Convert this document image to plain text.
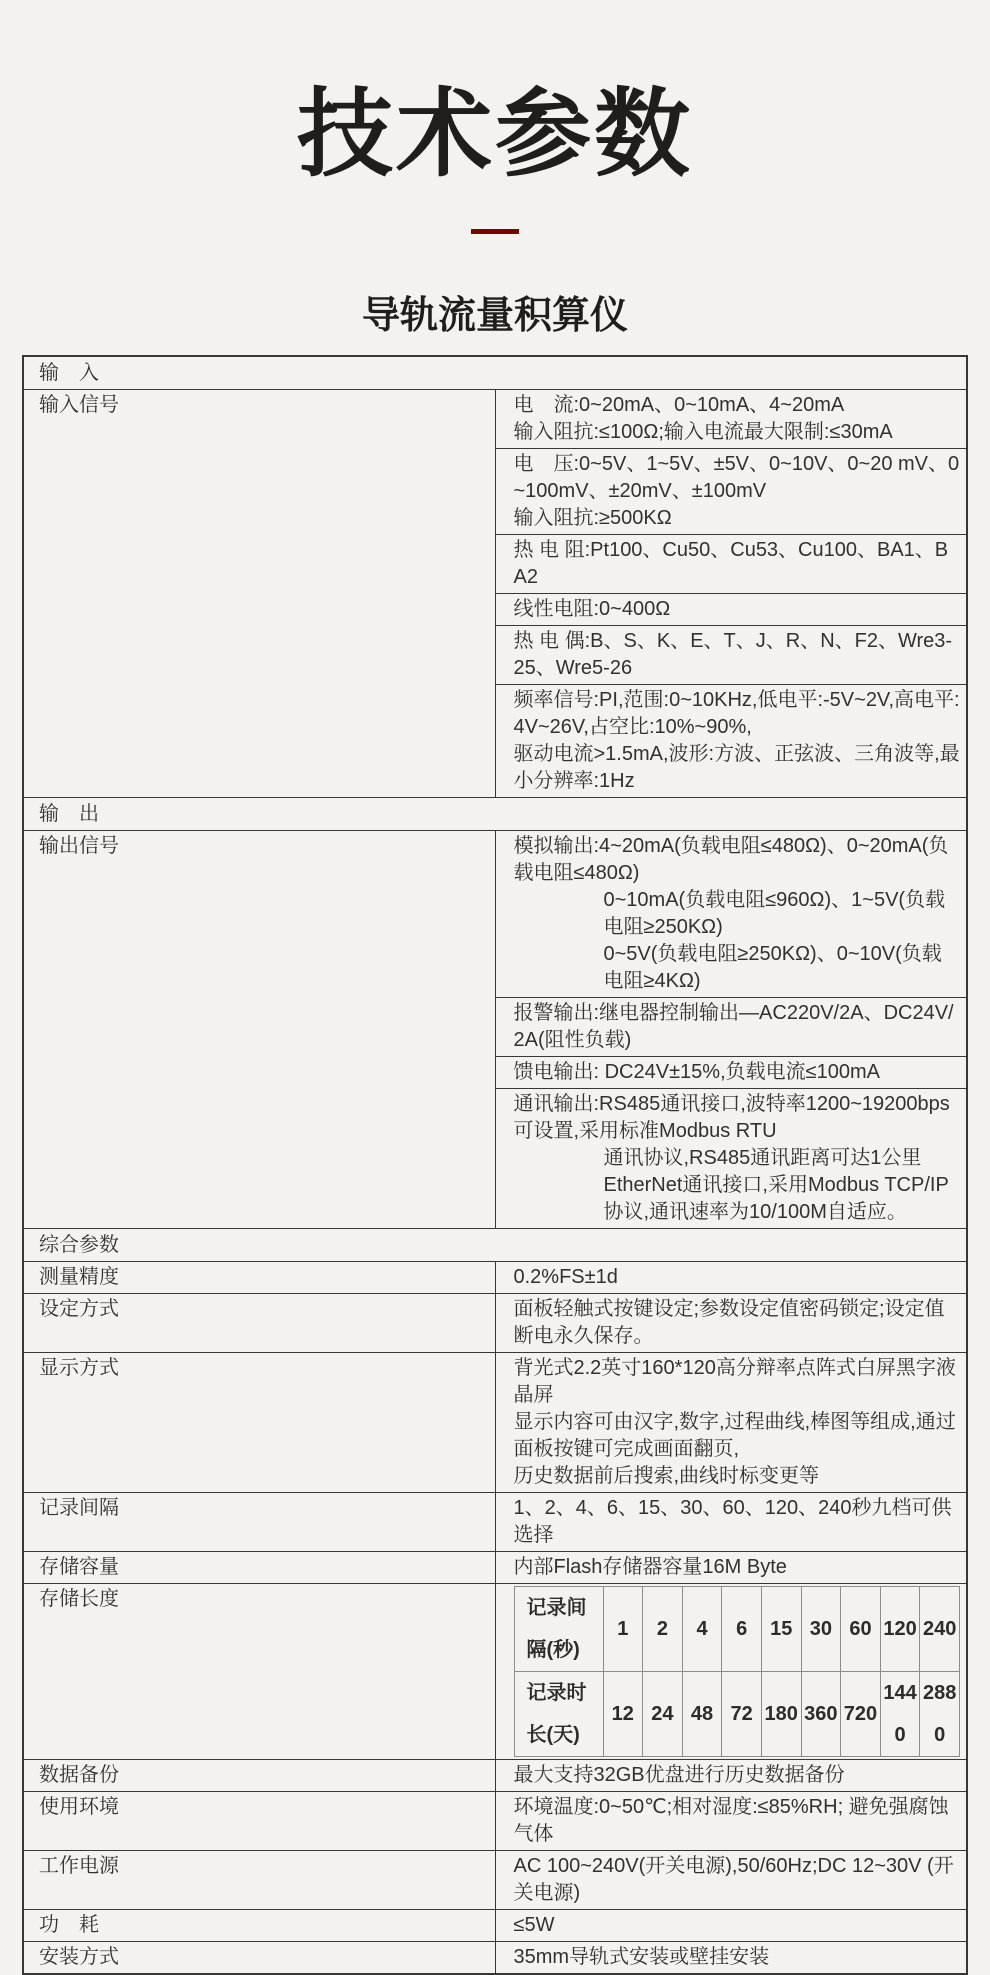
技术参数
导轨流量积算仪
输　入
输入信号	电　流:0~20mA、0~10mA、4~20mA
输入阻抗:≤100Ω;输入电流最大限制:≤30mA

电　压:0~5V、1~5V、±5V、0~10V、0~20 mV、0~100mV、±20mV、±100mV
输入阻抗:≥500KΩ

热 电 阻:Pt100、Cu50、Cu53、Cu100、BA1、BA2
线性电阻:0~400Ω
热 电 偶:B、S、K、E、T、J、R、N、F2、Wre3-25、Wre5-26

频率信号:PI,范围:0~10KHz,低电平:-5V~2V,高电平:4V~26V,占空比:10%~90%,
驱动电流>1.5mA,波形:方波、正弦波、三角波等,最小分辨率:1Hz

输　出
输出信号	模拟输出:4~20mA(负载电阻≤480Ω)、0~20mA(负载电阻≤480Ω)
0~10mA(负载电阻≤960Ω)、1~5V(负载电阻≥250KΩ)
0~5V(负载电阻≥250KΩ)、0~10V(负载电阻≥4KΩ)

报警输出:继电器控制输出—AC220V/2A、DC24V/2A(阻性负载)
馈电输出: DC24V±15%,负载电流≤100mA

通讯输出:RS485通讯接口,波特率1200~19200bps可设置,采用标准Modbus RTU
通讯协议,RS485通讯距离可达1公里
EtherNet通讯接口,采用Modbus TCP/IP协议,通讯速率为10/100M自适应。

综合参数
测量精度	0.2%FS±1d
设定方式	面板轻触式按键设定;参数设定值密码锁定;设定值断电永久保存。
显示方式	背光式2.2英寸160*120高分辩率点阵式白屏黑字液晶屏
显示内容可由汉字,数字,过程曲线,棒图等组成,通过面板按键可完成画面翻页,
历史数据前后搜索,曲线时标变更等

记录间隔	1、2、4、6、15、30、60、120、240秒九档可供选择
存储容量	内部Flash存储器容量16M Byte
存储长度		记录间隔(秒)	1	2	4	6	15	30	60	120	240
记录时长(天)	12	24	48	72	180	360	720	1440	2880

数据备份	最大支持32GB优盘进行历史数据备份
使用环境	环境温度:0~50℃;相对湿度:≤85%RH; 避免强腐蚀气体
工作电源	AC 100~240V(开关电源),50/60Hz;DC 12~30V (开关电源)
功　耗	≤5W
安装方式	35mm导轨式安装或壁挂安装
